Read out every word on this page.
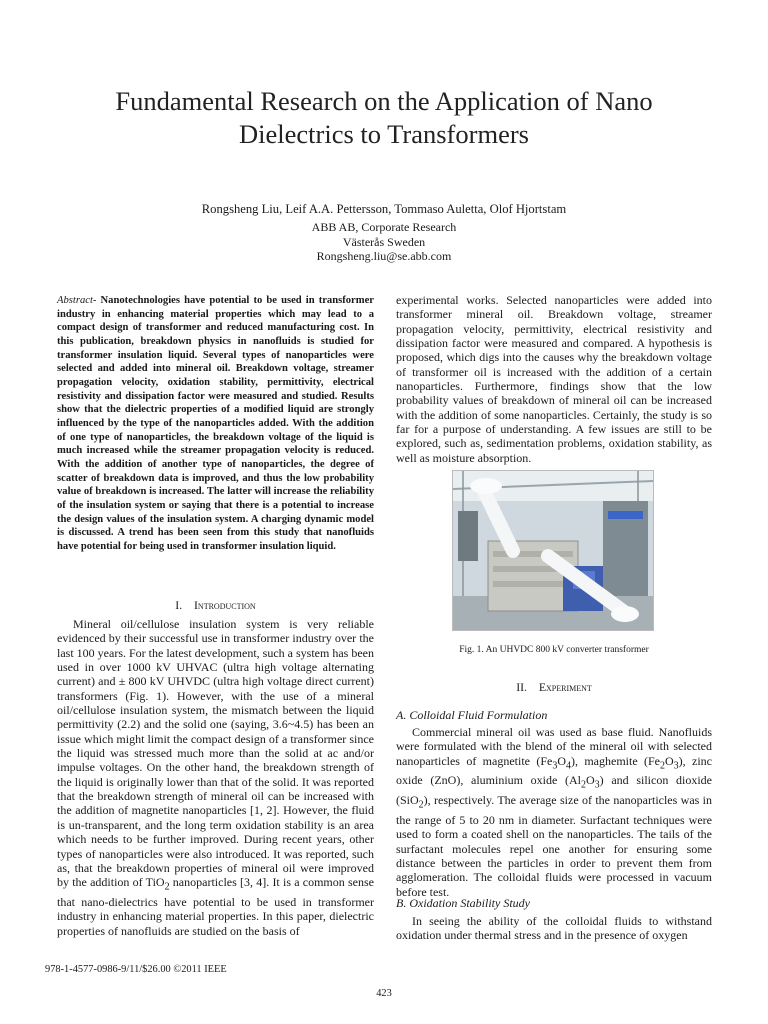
Fundamental Research on the Application of Nano
Dielectrics to Transformers
Rongsheng Liu, Leif A.A. Pettersson, Tommaso Auletta, Olof Hjortstam
ABB AB, Corporate Research
Västerås Sweden
Rongsheng.liu@se.abb.com

Abstract- Nanotechnologies have potential to be used in transformer industry in enhancing material properties which may lead to a compact design of transformer and reduced manufacturing cost. In this publication, breakdown physics in nanofluids is studied for transformer insulation liquid. Several types of nanoparticles were selected and added into mineral oil. Breakdown voltage, streamer propagation velocity, oxidation stability, permittivity, electrical resistivity and dissipation factor were measured and studied. Results show that the dielectric properties of a modified liquid are strongly influenced by the type of the nanoparticles added. With the addition of one type of nanoparticles, the breakdown voltage of the liquid is much increased while the streamer propagation velocity is reduced. With the addition of another type of nanoparticles, the degree of scatter of breakdown data is improved, and thus the low probability value of breakdown is increased. The latter will increase the reliability of the insulation system or saying that there is a potential to increase the design values of the insulation system. A charging dynamic model is discussed. A trend has been seen from this study that nanofluids have potential for being used in transformer insulation liquid.

I. Introduction

Mineral oil/cellulose insulation system is very reliable evidenced by their successful use in transformer industry over the last 100 years. For the latest development, such a system has been used in over 1000 kV UHVAC (ultra high voltage alternating current) and ± 800 kV UHVDC (ultra high voltage direct current) transformers (Fig. 1). However, with the use of a mineral oil/cellulose insulation system, the mismatch between the liquid permittivity (2.2) and the solid one (saying, 3.6~4.5) has been an issue which might limit the compact design of a transformer since the liquid was stressed much more than the solid at ac and/or impulse voltages. On the other hand, the breakdown strength of the liquid is originally lower than that of the solid. It was reported that the breakdown strength of mineral oil can be increased with the addition of magnetite nanoparticles [1, 2]. However, the fluid is un-transparent, and the long term oxidation stability is an area which needs to be further improved. During recent years, other types of nanoparticles were also introduced. It was reported, such as, that the breakdown properties of mineral oil were improved by the addition of TiO$_2$ nanoparticles [3, 4]. It is a common sense that nano-dielectrics have potential to be used in transformer industry in enhancing material properties. In this paper, dielectric properties of nanofluids are studied on the basis of

experimental works. Selected nanoparticles were added into transformer mineral oil. Breakdown voltage, streamer propagation velocity, permittivity, electrical resistivity and dissipation factor were measured and compared. A hypothesis is proposed, which digs into the causes why the breakdown voltage of transformer oil is increased with the addition of a certain nanoparticles. Furthermore, findings show that the low probability values of breakdown of mineral oil can be increased with the addition of some nanoparticles. Certainly, the study is so far for a purpose of understanding. A few issues are still to be explored, such as, sedimentation problems, oxidation stability, as well as moisture absorption.

Fig. 1. An UHVDC 800 kV converter transformer
II. Experiment
A. Colloidal Fluid Formulation

Commercial mineral oil was used as base fluid. Nanofluids were formulated with the blend of the mineral oil with selected nanoparticles of magnetite $(Fe_3O_4)$, maghemite $(Fe_2O_3)$, zinc oxide (ZnO), aluminium oxide $(Al_2O_3)$ and silicon dioxide (SiO$_2$), respectively. The average size of the nanoparticles was in the range of 5 to 20 nm in diameter. Surfactant techniques were used to form a coated shell on the nanoparticles. The tails of the surfactant molecules repel one another for ensuring some distance between the particles in order to prevent them from agglomeration. The colloidal fluids were processed in vacuum before test.

B. Oxidation Stability Study

In seeing the ability of the colloidal fluids to withstand oxidation under thermal stress and in the presence of oxygen

978-1-4577-0986-9/11/$26.00 ©2011 IEEE
423
